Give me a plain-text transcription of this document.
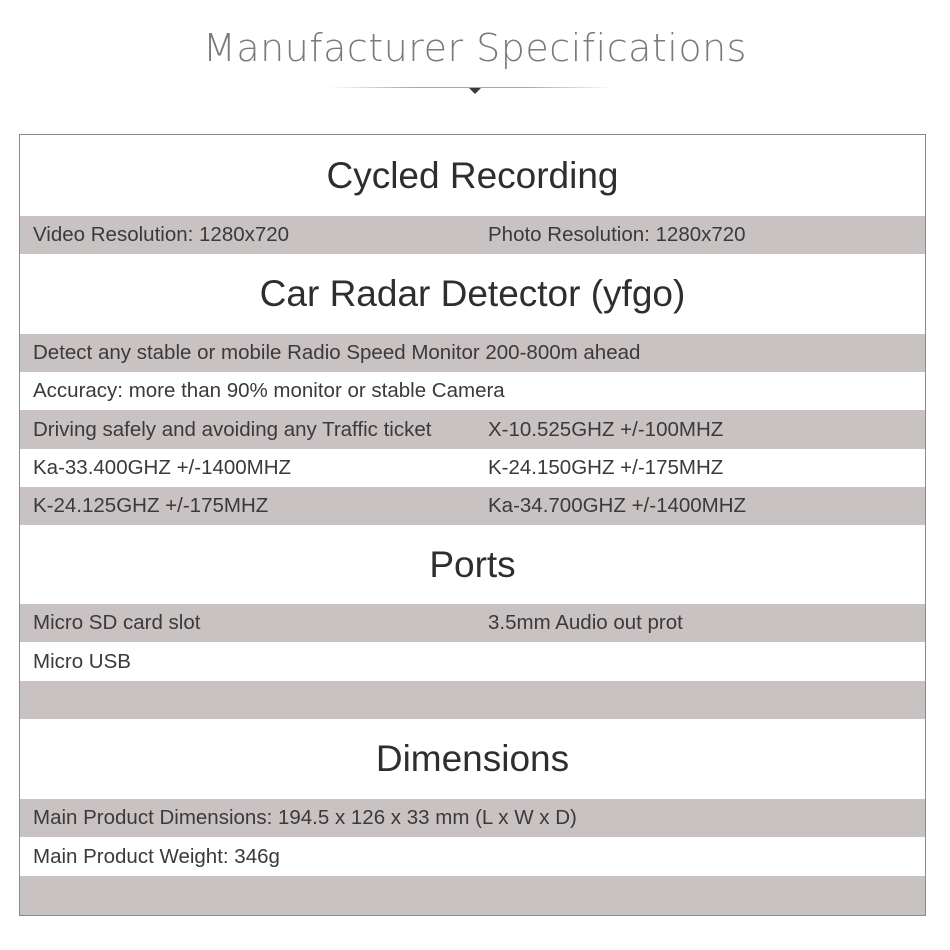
Manufacturer Specifications
Cycled Recording
Video Resolution: 1280x720	Photo Resolution: 1280x720
Car Radar Detector (yfgo)
Detect any stable or mobile Radio Speed Monitor 200-800m ahead
Accuracy: more than 90% monitor or stable Camera
Driving safely and avoiding any Traffic ticket	X-10.525GHZ +/-100MHZ
Ka-33.400GHZ +/-1400MHZ	K-24.150GHZ +/-175MHZ
K-24.125GHZ +/-175MHZ	Ka-34.700GHZ +/-1400MHZ
Ports
Micro SD card slot	3.5mm Audio out prot
Micro USB
Dimensions
Main Product Dimensions: 194.5 x 126 x 33 mm (L x W x D)
Main Product Weight: 346g
